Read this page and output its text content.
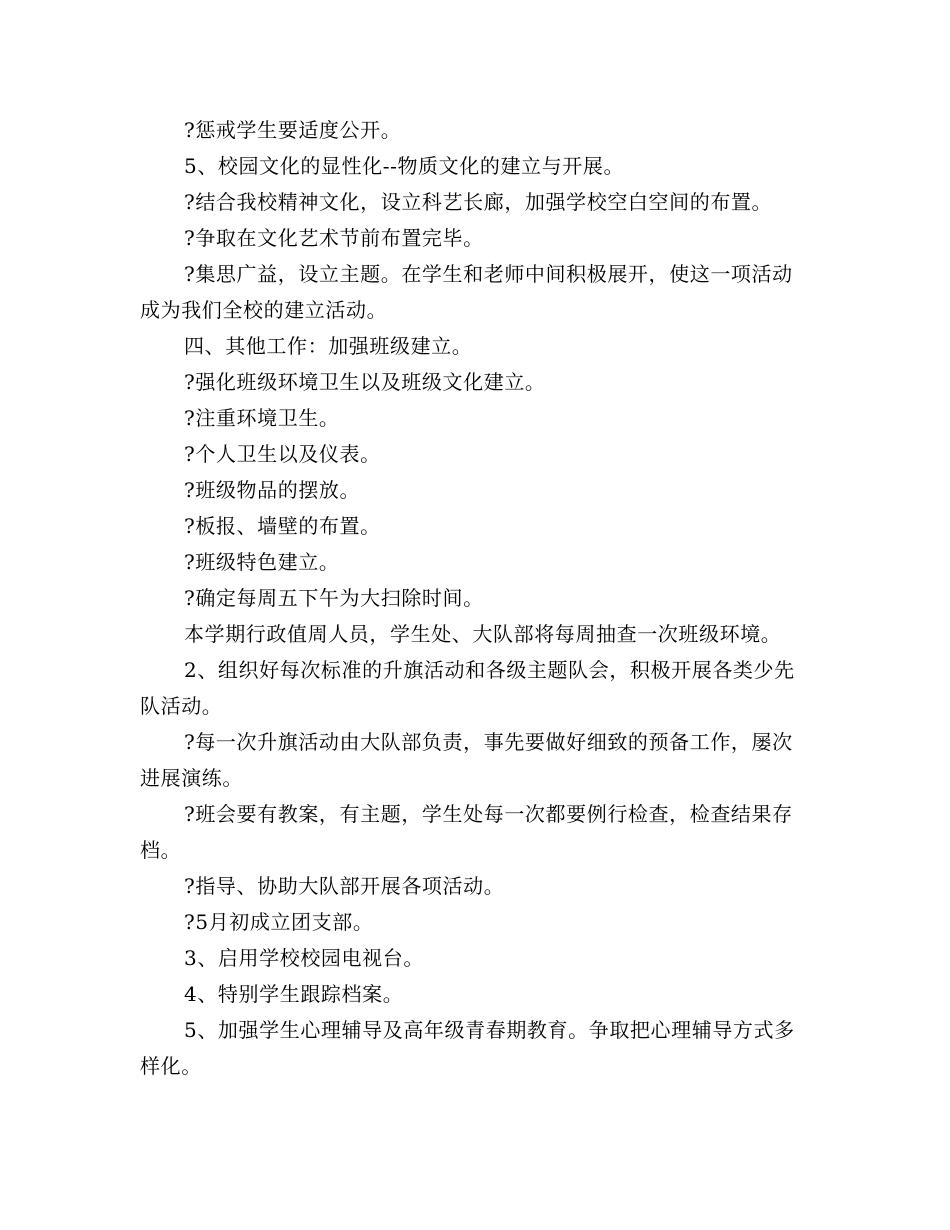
?惩戒学生要适度公开。

5、校园文化的显性化--物质文化的建立与开展。

?结合我校精神文化，设立科艺长廊，加强学校空白空间的布置。

?争取在文化艺术节前布置完毕。

?集思广益，设立主题。在学生和老师中间积极展开，使这一项活动成为我们全校的建立活动。

四、其他工作：加强班级建立。

?强化班级环境卫生以及班级文化建立。

?注重环境卫生。

?个人卫生以及仪表。

?班级物品的摆放。

?板报、墙壁的布置。

?班级特色建立。

?确定每周五下午为大扫除时间。

本学期行政值周人员，学生处、大队部将每周抽查一次班级环境。

2、组织好每次标准的升旗活动和各级主题队会，积极开展各类少先队活动。

?每一次升旗活动由大队部负责，事先要做好细致的预备工作，屡次进展演练。

?班会要有教案，有主题，学生处每一次都要例行检查，检查结果存档。

?指导、协助大队部开展各项活动。

?5月初成立团支部。

3、启用学校校园电视台。

4、特别学生跟踪档案。

5、加强学生心理辅导及高年级青春期教育。争取把心理辅导方式多样化。
